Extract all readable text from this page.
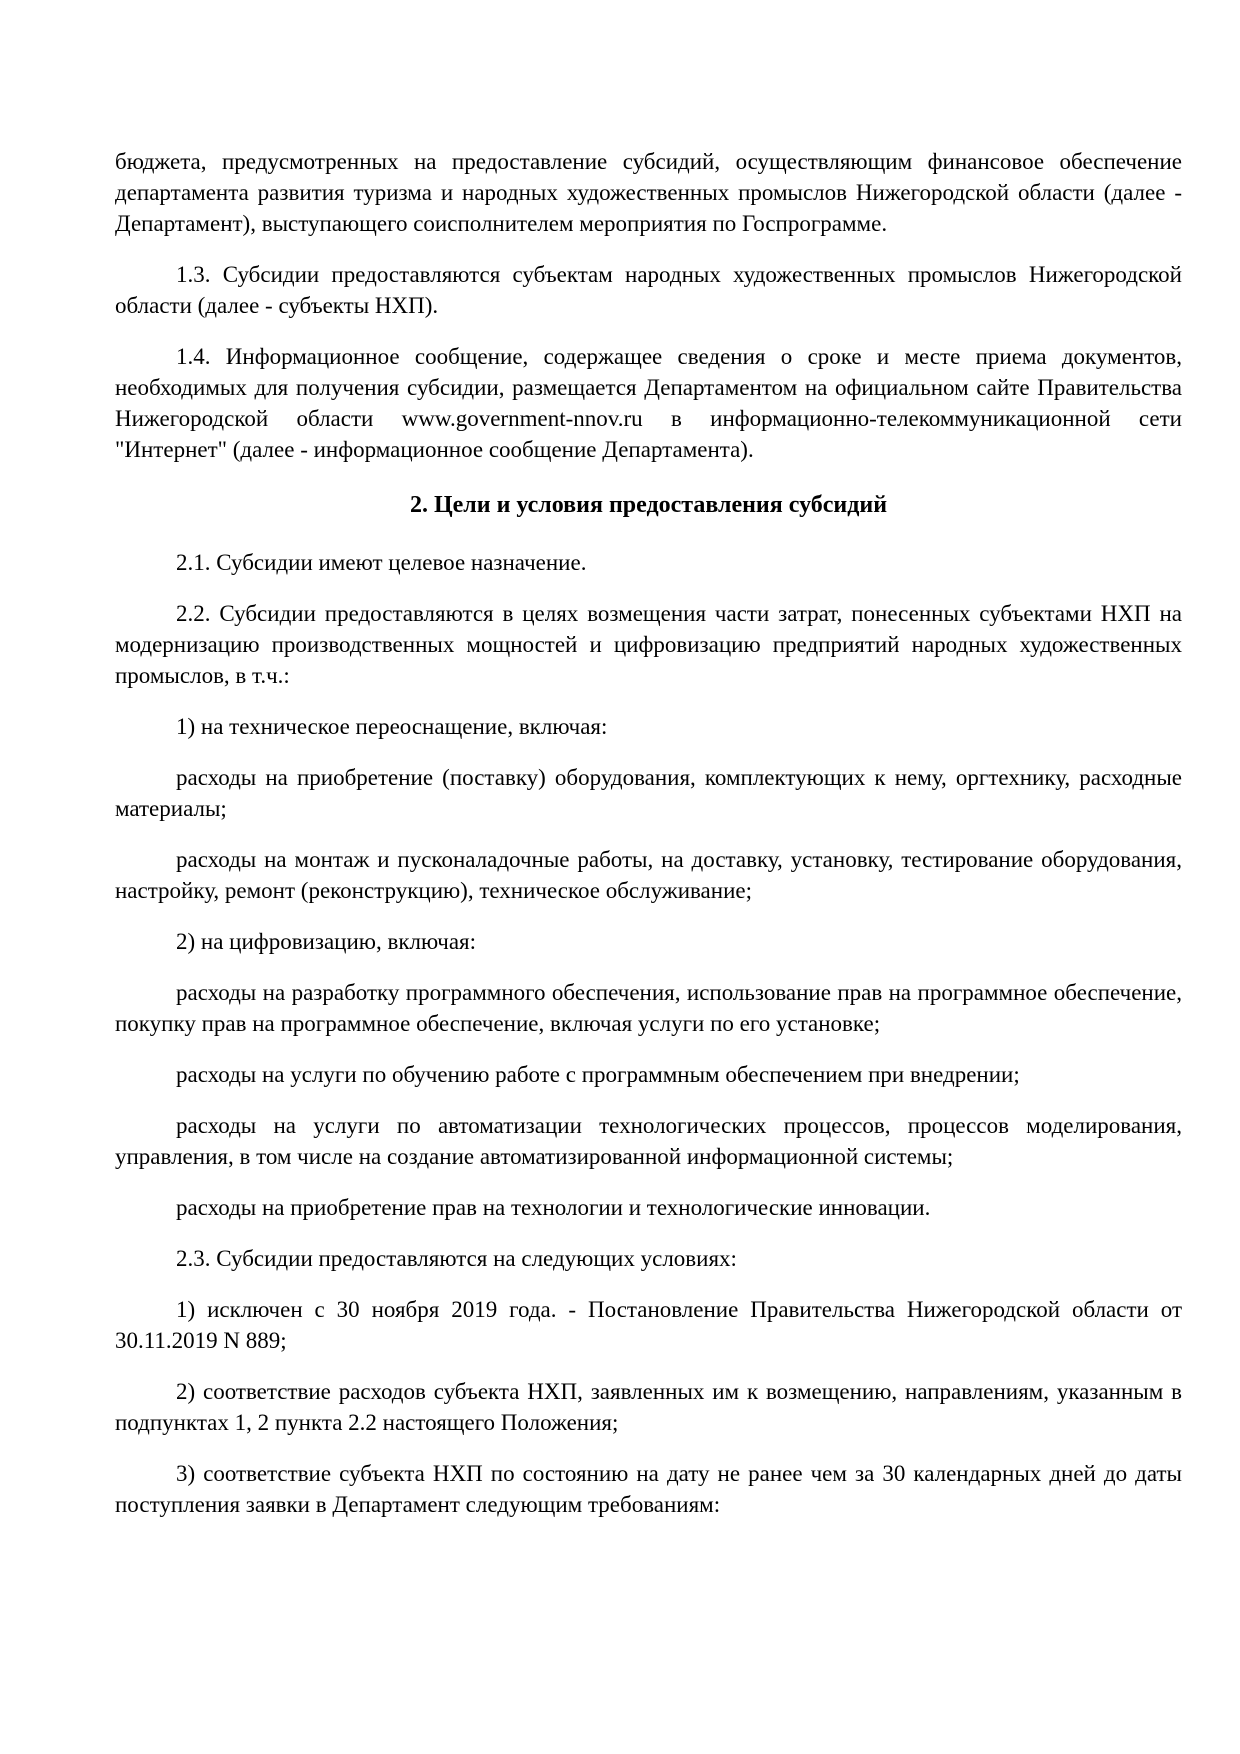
бюджета, предусмотренных на предоставление субсидий, осуществляющим финансовое обеспечение департамента развития туризма и народных художественных промыслов Нижегородской области (далее - Департамент), выступающего соисполнителем мероприятия по Госпрограмме.

1.3. Субсидии предоставляются субъектам народных художественных промыслов Нижегородской области (далее - субъекты НХП).

1.4. Информационное сообщение, содержащее сведения о сроке и месте приема документов, необходимых для получения субсидии, размещается Департаментом на официальном сайте Правительства Нижегородской области www.government-nnov.ru в информационно-телекоммуникационной сети "Интернет" (далее - информационное сообщение Департамента).

2. Цели и условия предоставления субсидий

2.1. Субсидии имеют целевое назначение.

2.2. Субсидии предоставляются в целях возмещения части затрат, понесенных субъектами НХП на модернизацию производственных мощностей и цифровизацию предприятий народных художественных промыслов, в т.ч.:

1) на техническое переоснащение, включая:

расходы на приобретение (поставку) оборудования, комплектующих к нему, оргтехнику, расходные материалы;

расходы на монтаж и пусконаладочные работы, на доставку, установку, тестирование оборудования, настройку, ремонт (реконструкцию), техническое обслуживание;

2) на цифровизацию, включая:

расходы на разработку программного обеспечения, использование прав на программное обеспечение, покупку прав на программное обеспечение, включая услуги по его установке;

расходы на услуги по обучению работе с программным обеспечением при внедрении;

расходы на услуги по автоматизации технологических процессов, процессов моделирования, управления, в том числе на создание автоматизированной информационной системы;

расходы на приобретение прав на технологии и технологические инновации.

2.3. Субсидии предоставляются на следующих условиях:

1) исключен с 30 ноября 2019 года. - Постановление Правительства Нижегородской области от 30.11.2019 N 889;

2) соответствие расходов субъекта НХП, заявленных им к возмещению, направлениям, указанным в подпунктах 1, 2 пункта 2.2 настоящего Положения;

3) соответствие субъекта НХП по состоянию на дату не ранее чем за 30 календарных дней до даты поступления заявки в Департамент следующим требованиям:
